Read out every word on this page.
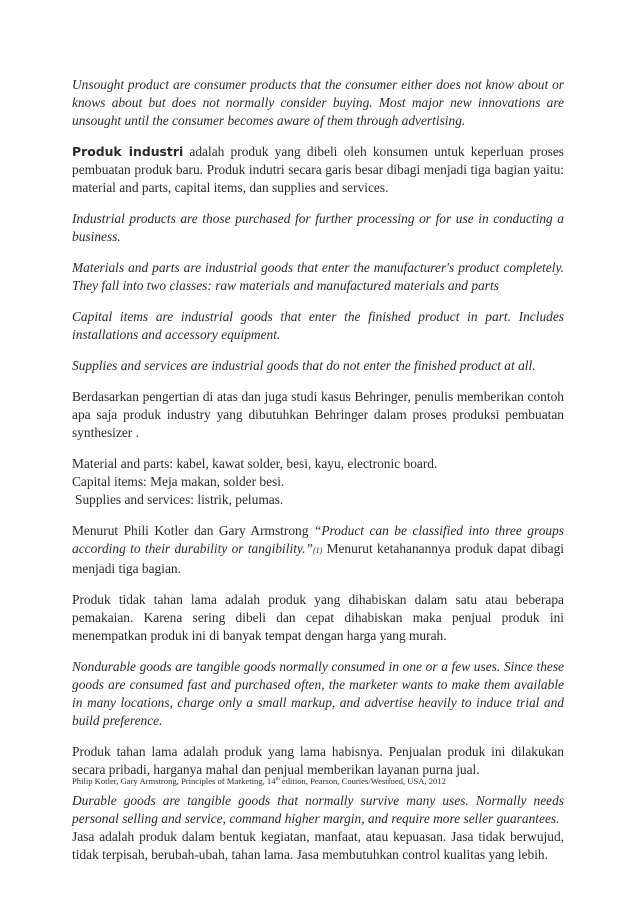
Unsought product are consumer products that the consumer either does not know about or knows about but does not normally consider buying. Most major new innovations are unsought until the consumer becomes aware of them through advertising.

Produk industri adalah produk yang dibeli oleh konsumen untuk keperluan proses pembuatan produk baru. Produk indutri secara garis besar dibagi menjadi tiga bagian yaitu: material and parts, capital items, dan supplies and services.

Industrial products are those purchased for further processing or for use in conducting a business.

Materials and parts are industrial goods that enter the manufacturer's product completely. They fall into two classes: raw materials and manufactured materials and parts

Capital items are industrial goods that enter the finished product in part. Includes installations and accessory equipment.

Supplies and services are industrial goods that do not enter the finished product at all.

Berdasarkan pengertian di atas dan juga studi kasus Behringer, penulis memberikan contoh apa saja produk industry yang dibutuhkan Behringer dalam proses produksi pembuatan synthesizer .

Material and parts: kabel, kawat solder, besi, kayu, electronic board.
Capital items: Meja makan, solder besi.
Supplies and services: listrik, pelumas.

Menurut Phili Kotler dan Gary Armstrong “Product can be classified into three groups according to their durability or tangibility.”(1) Menurut ketahanannya produk dapat dibagi menjadi tiga bagian.

Produk tidak tahan lama adalah produk yang dihabiskan dalam satu atau beberapa pemakaian. Karena sering dibeli dan cepat dihabiskan maka penjual produk ini menempatkan produk ini di banyak tempat dengan harga yang murah.

Nondurable goods are tangible goods normally consumed in one or a few uses. Since these goods are consumed fast and purchased often, the marketer wants to make them available in many locations, charge only a small markup, and advertise heavily to induce trial and build preference.

Produk tahan lama adalah produk yang lama habisnya. Penjualan produk ini dilakukan secara pribadi, harganya mahal dan penjual memberikan layanan purna jual.

Durable goods are tangible goods that normally survive many uses. Normally needs personal selling and service, command higher margin, and require more seller guarantees.
Jasa adalah produk dalam bentuk kegiatan, manfaat, atau kepuasan. Jasa tidak berwujud, tidak terpisah, berubah-ubah, tahan lama. Jasa membutuhkan control kualitas yang lebih.

Philip Kotler, Gary Armstrong, Principles of Marketing, 14th edition, Pearson, Couries/Westfoed, USA, 2012
